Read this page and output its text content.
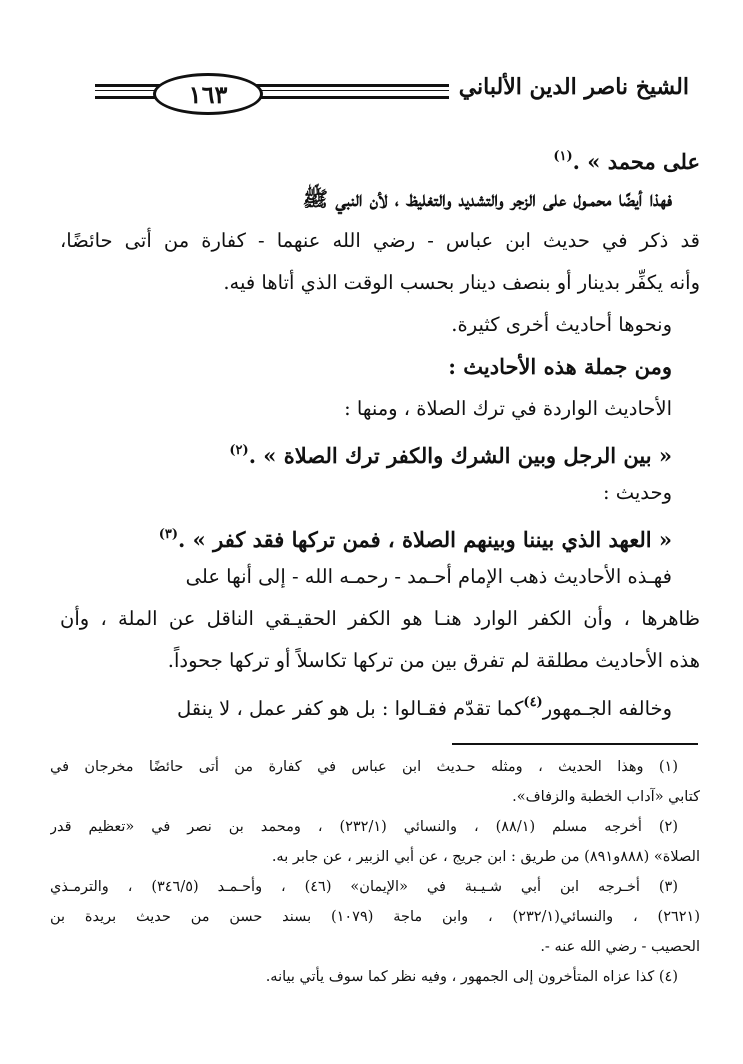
١٦٣	الشيخ ناصر الدين الألباني
على محمد » .$^{(١)}$
فهذا أيضًا محمـول على الزجر والتشديد والتغليظ ، لأن النبي ﷺ
قد ذكر في حديث ابن عباس - رضي الله عنهما - كفارة من أتى حائضًا،
وأنه يكفِّر بدينار أو بنصف دينار بحسب الوقت الذي أتاها فيه.
ونحوها أحاديث أخرى كثيرة.
ومن جملة هذه الأحاديث :
الأحاديث الواردة في ترك الصلاة ، ومنها :
« بين الرجل وبين الشرك والكفر ترك الصلاة » .$^{(٢)}$
وحديث :
« العهد الذي بيننا وبينهم الصلاة ، فمن تركها فقد كفر » .$^{(٣)}$
فهـذه الأحاديث ذهب الإمام أحـمد - رحمـه الله - إلى أنها على
ظاهرها ، وأن الكفر الوارد هنـا هو الكفر الحقيـقي الناقل عن الملة ، وأن
هذه الأحاديث مطلقة لم تفرق بين من تركها تكاسلاً أو تركها جحوداً.
وخالفه الجـمهور$^{(٤)}$كما تقدّم فقـالوا : بل هو كفر عمل ، لا ينقل
(١) وهذا الحديث ، ومثله حـديث ابن عباس في كفارة من أتى حائضًا مخرجان في
كتابي «آداب الخطبة والزفاف».
(٢) أخرجه مسلم (٨٨/١) ، والنسائي (٢٣٢/١) ، ومحمد بن نصر في «تعظيم قدر
الصلاة» (٨٨٨و٨٩١) من طريق : ابن جريج ، عن أبي الزبير ، عن جابر به.
(٣) أخـرجه ابن أبي شـيـبة في «الإيمان» (٤٦) ، وأحـمـد (٣٤٦/٥) ، والترمـذي
(٢٦٢١) ، والنسائي(٢٣٢/١) ، وابن ماجة (١٠٧٩) بسند حسن من حديث بريدة بن
الحصيب - رضي الله عنه -.
(٤) كذا عزاه المتأخرون إلى الجمهور ، وفيه نظر كما سوف يأتي بيانه.
